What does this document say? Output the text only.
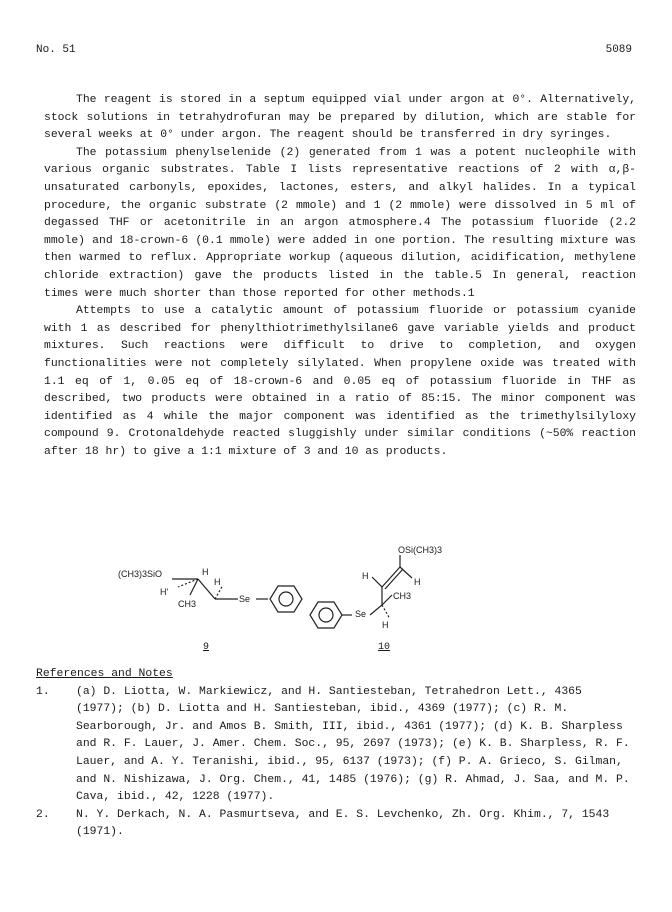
No. 51	5089

The reagent is stored in a septum equipped vial under argon at 0°. Alternatively, stock solutions in tetrahydrofuran may be prepared by dilution, which are stable for several weeks at 0° under argon. The reagent should be transferred in dry syringes.

The potassium phenylselenide (2) generated from 1 was a potent nucleophile with various organic substrates. Table I lists representative reactions of 2 with α,β-unsaturated carbonyls, epoxides, lactones, esters, and alkyl halides. In a typical procedure, the organic substrate (2 mmole) and 1 (2 mmole) were dissolved in 5 ml of degassed THF or acetonitrile in an argon atmosphere.4 The potassium fluoride (2.2 mmole) and 18-crown-6 (0.1 mmole) were added in one portion. The resulting mixture was then warmed to reflux. Appropriate workup (aqueous dilution, acidification, methylene chloride extraction) gave the products listed in the table.5 In general, reaction times were much shorter than those reported for other methods.1

Attempts to use a catalytic amount of potassium fluoride or potassium cyanide with 1 as described for phenylthiotrimethylsilane6 gave variable yields and product mixtures. Such reactions were difficult to drive to completion, and oxygen functionalities were not completely silylated. When propylene oxide was treated with 1.1 eq of 1, 0.05 eq of 18-crown-6 and 0.05 eq of potassium fluoride in THF as described, two products were obtained in a ratio of 85:15. The minor component was identified as 4 while the major component was identified as the trimethylsilyloxy compound 9. Crotonaldehyde reacted sluggishly under similar conditions (~50% reaction after 18 hr) to give a 1:1 mixture of 3 and 10 as products.

(CH3)3SiO	H
H
H'
CH3	Se
9
OSi(CH3)3
H
H
H
CH3
Se
10
References and Notes
1. (a) D. Liotta, W. Markiewicz, and H. Santiesteban, Tetrahedron Lett., 4365 (1977); (b) D. Liotta and H. Santiesteban, ibid., 4369 (1977); (c) R. M. Searborough, Jr. and Amos B. Smith, III, ibid., 4361 (1977); (d) K. B. Sharpless and R. F. Lauer, J. Amer. Chem. Soc., 95, 2697 (1973); (e) K. B. Sharpless, R. F. Lauer, and A. Y. Teranishi, ibid., 95, 6137 (1973); (f) P. A. Grieco, S. Gilman, and N. Nishizawa, J. Org. Chem., 41, 1485 (1976); (g) R. Ahmad, J. Saa, and M. P. Cava, ibid., 42, 1228 (1977).
2. N. Y. Derkach, N. A. Pasmurtseva, and E. S. Levchenko, Zh. Org. Khim., 7, 1543 (1971).
